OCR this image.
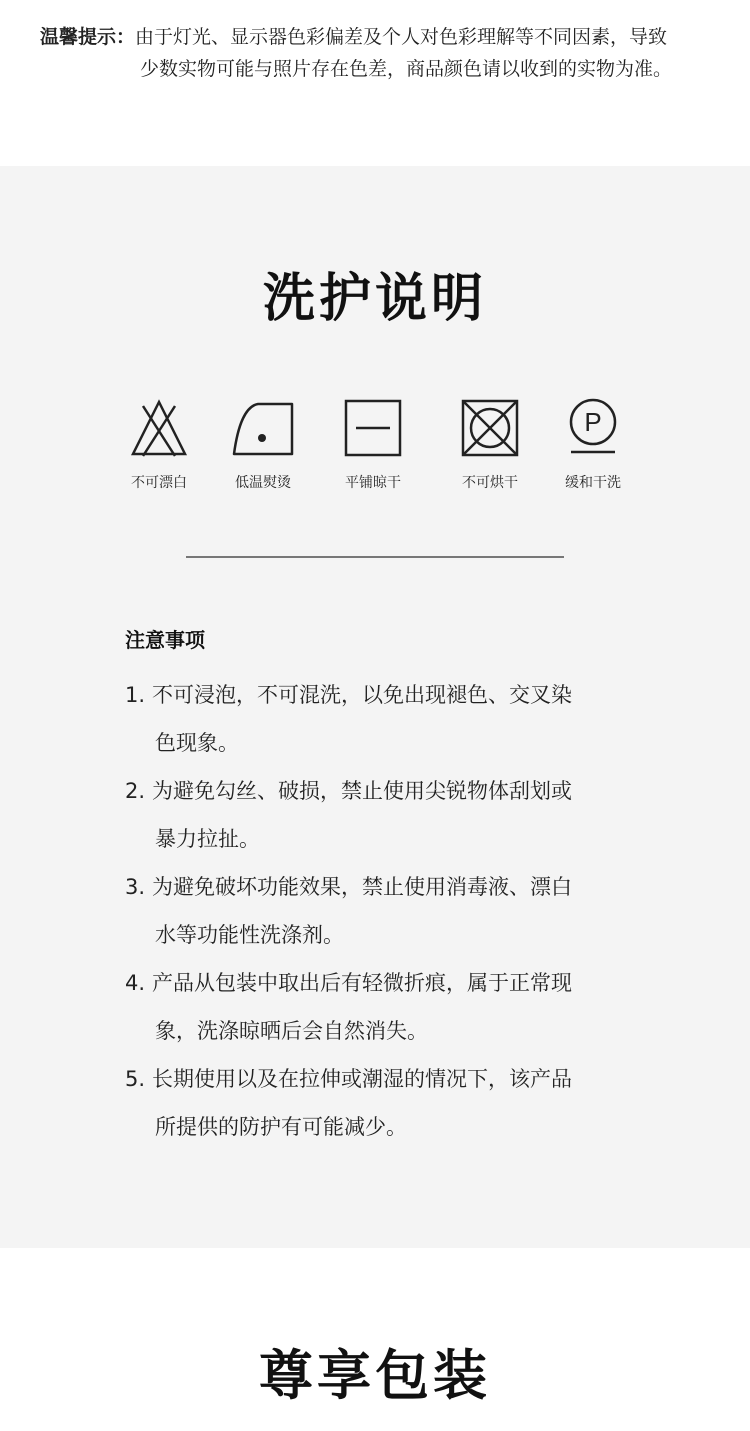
温馨提示：由于灯光、显示器色彩偏差及个人对色彩理解等不同因素，导致
少数实物可能与照片存在色差，商品颜色请以收到的实物为准。
洗护说明
不可漂白	低温熨烫	平铺晾干	不可烘干
P
缓和干洗
注意事项
1. 不可浸泡，不可混洗，以免出现褪色、交叉染
色现象。
2. 为避免勾丝、破损，禁止使用尖锐物体刮划或
暴力拉扯。
3. 为避免破坏功能效果，禁止使用消毒液、漂白
水等功能性洗涤剂。
4. 产品从包装中取出后有轻微折痕，属于正常现
象，洗涤晾晒后会自然消失。
5. 长期使用以及在拉伸或潮湿的情况下，该产品
所提供的防护有可能减少。
尊享包装
